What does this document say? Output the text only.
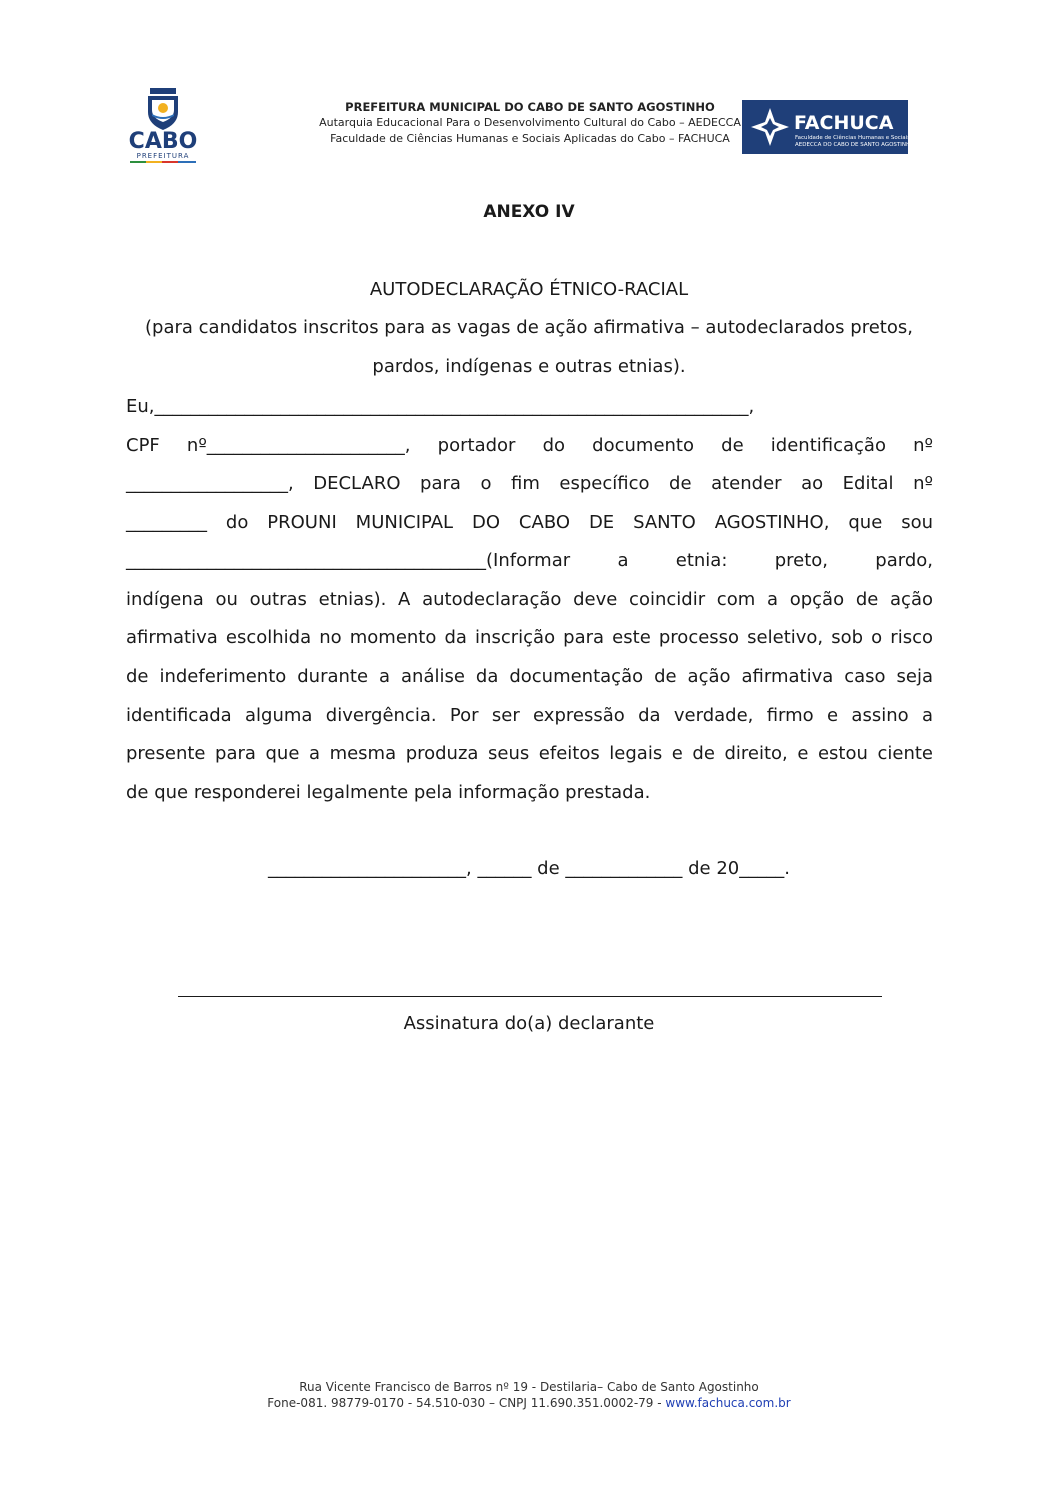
CABO
PREFEITURA
PREFEITURA MUNICIPAL DO CABO DE SANTO AGOSTINHO
Autarquia Educacional Para o Desenvolvimento Cultural do Cabo – AEDECCA
Faculdade de Ciências Humanas e Sociais Aplicadas do Cabo – FACHUCA
FACHUCA
Faculdade de Ciências Humanas e Sociais
AEDECCA DO CABO DE SANTO AGOSTINHO
ANEXO IV
AUTODECLARAÇÃO ÉTNICO-RACIAL
(para candidatos inscritos para as vagas de ação afirmativa – autodeclarados pretos,
pardos, indígenas e outras etnias).
Eu,__________________________________________________________________,
CPF nº______________________, portador do documento de identificação nº
__________________, DECLARO para o fim específico de atender ao Edital nº
_________ do PROUNI MUNICIPAL DO CABO DE SANTO AGOSTINHO, que sou
________________________________________(Informar a etnia: preto, pardo,
indígena ou outras etnias). A autodeclaração deve coincidir com a opção de ação
afirmativa escolhida no momento da inscrição para este processo seletivo, sob o risco
de indeferimento durante a análise da documentação de ação afirmativa caso seja
identificada alguma divergência. Por ser expressão da verdade, firmo e assino a
presente para que a mesma produza seus efeitos legais e de direito, e estou ciente
de que responderei legalmente pela informação prestada.
______________________, ______ de _____________ de 20_____.
Assinatura do(a) declarante
Rua Vicente Francisco de Barros nº 19 - Destilaria– Cabo de Santo Agostinho
Fone-081. 98779-0170 - 54.510-030 – CNPJ 11.690.351.0002-79 - www.fachuca.com.br
